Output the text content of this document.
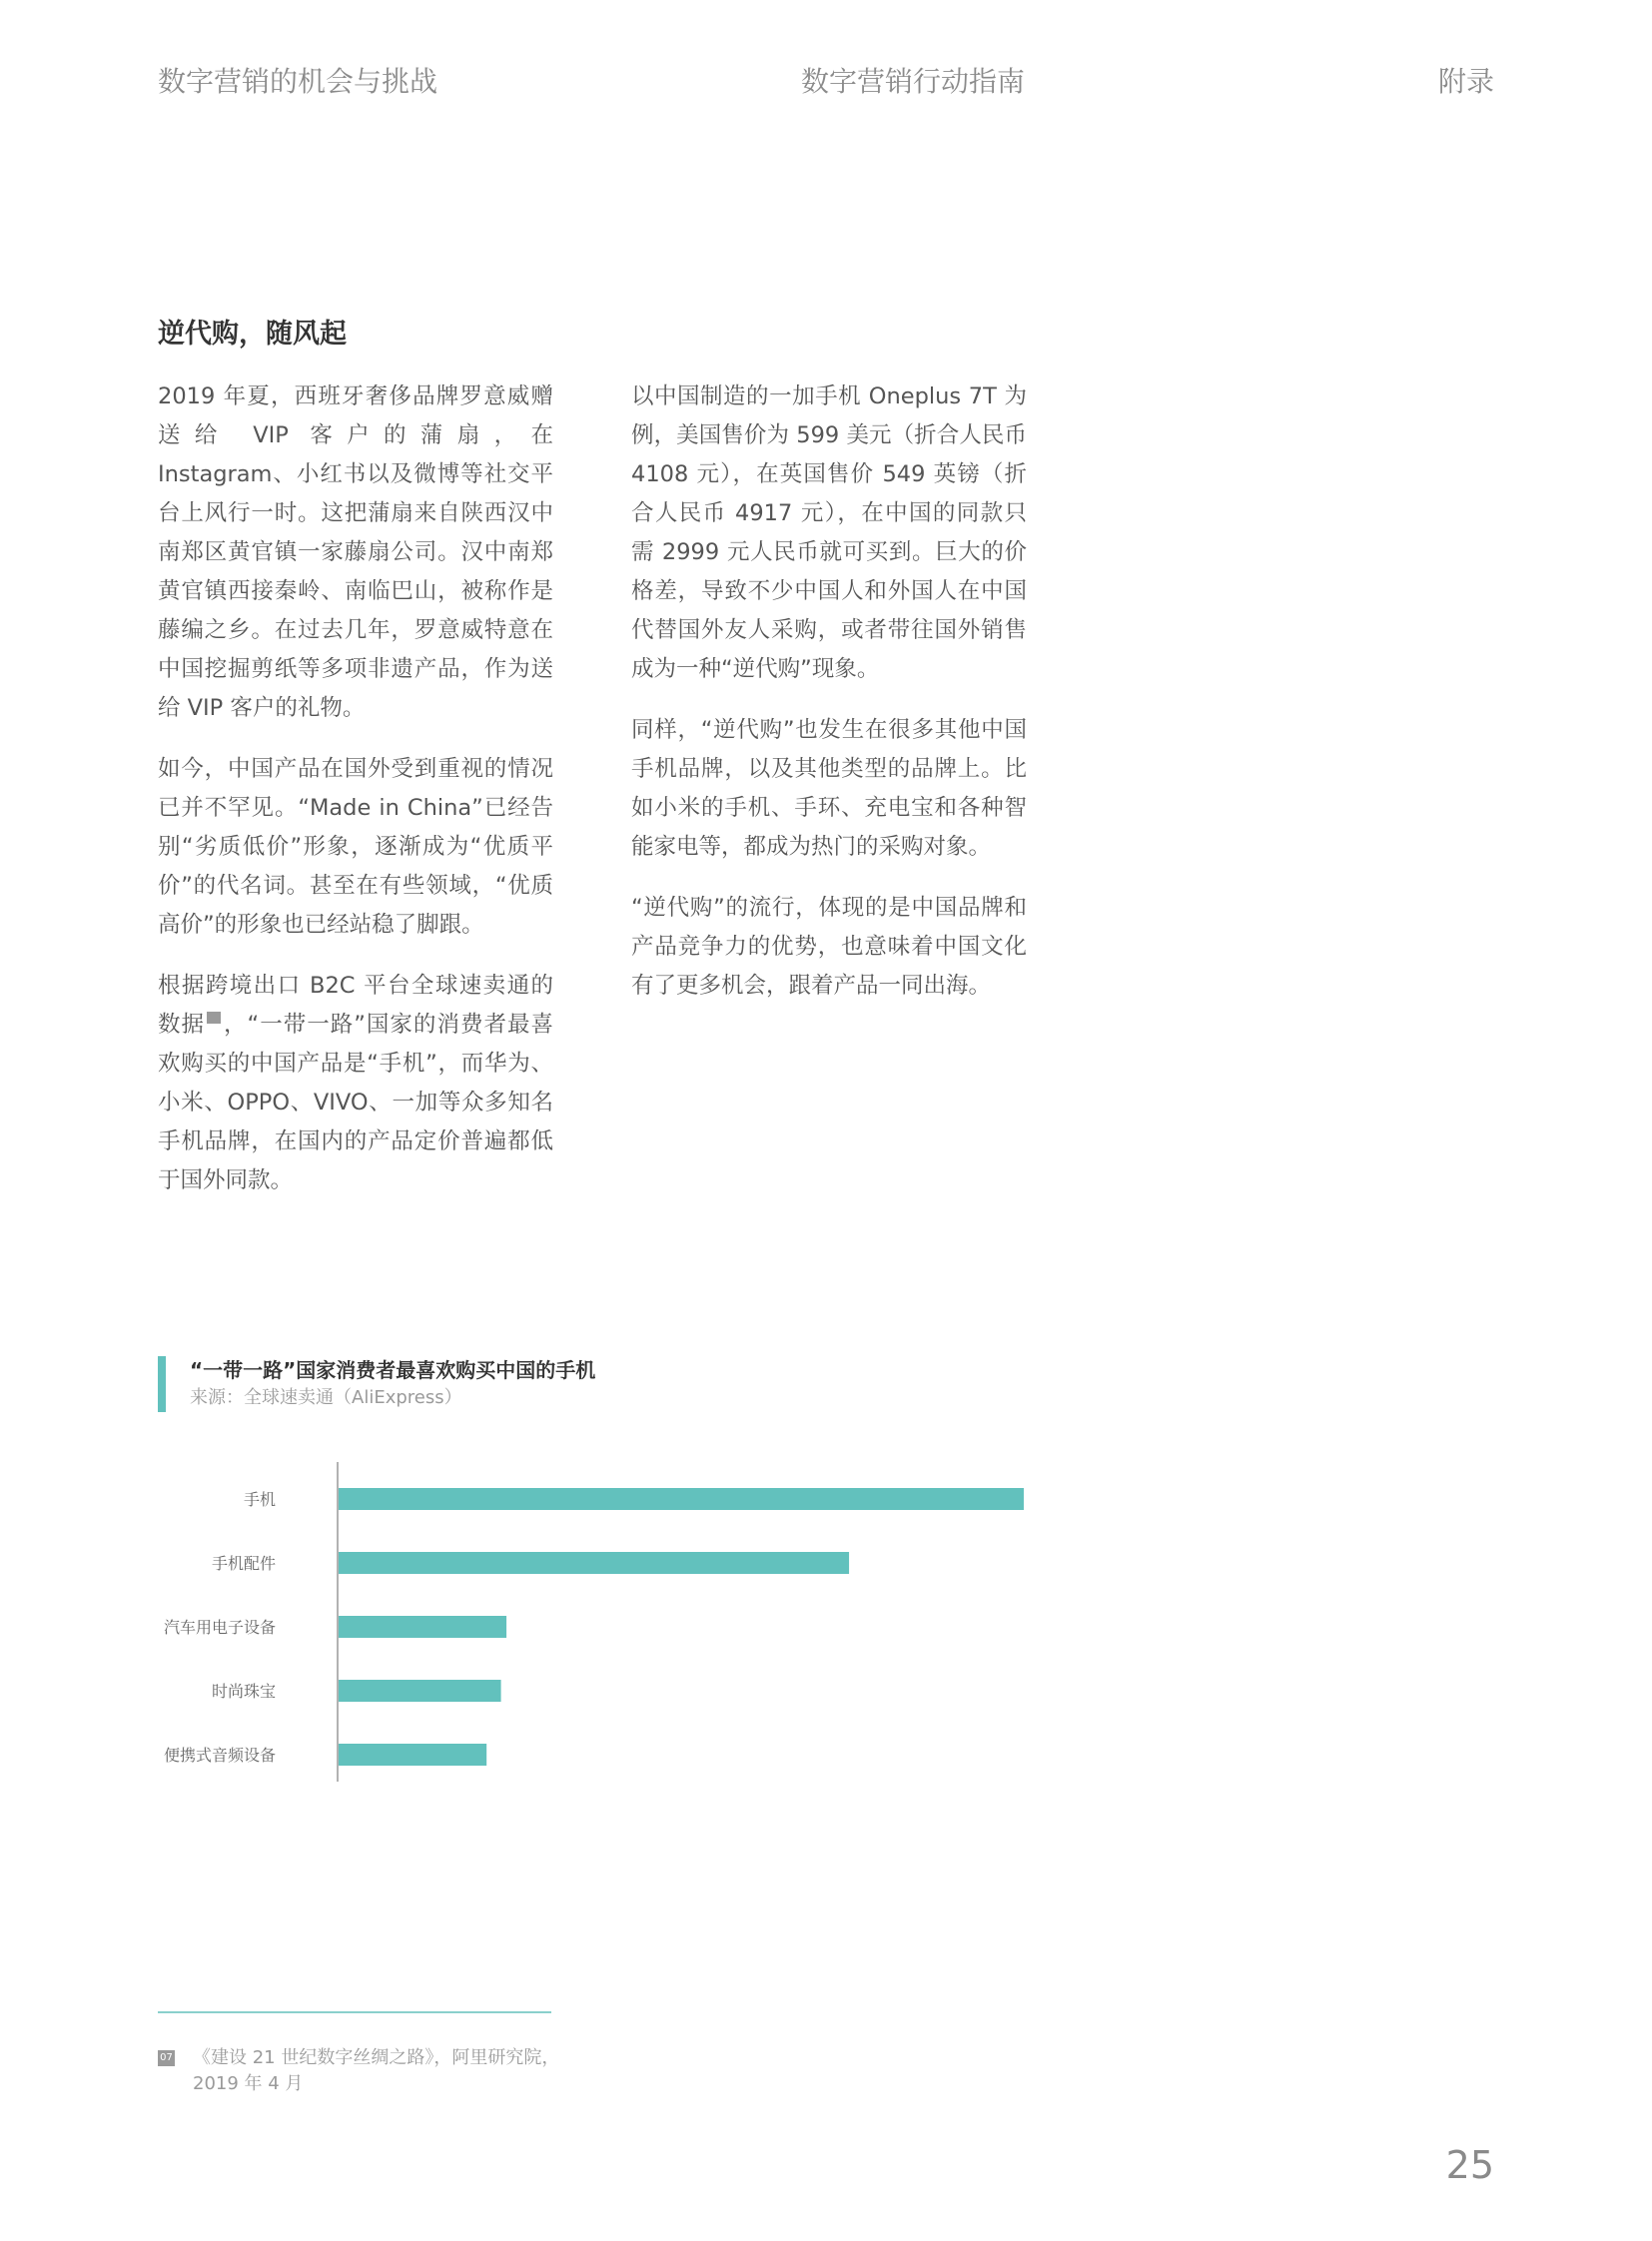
数字营销的机会与挑战	数字营销行动指南	附录
逆代购，随风起

2019 年夏，西班牙奢侈品牌罗意威赠送给 VIP 客户的蒲扇，在 Instagram、小红书以及微博等社交平台上风行一时。这把蒲扇来自陕西汉中南郑区黄官镇一家藤扇公司。汉中南郑黄官镇西接秦岭、南临巴山，被称作是藤编之乡。在过去几年，罗意威特意在中国挖掘剪纸等多项非遗产品，作为送给 VIP 客户的礼物。

如今，中国产品在国外受到重视的情况已并不罕见。“Made in China”已经告别“劣质低价”形象，逐渐成为“优质平价”的代名词。甚至在有些领域，“优质高价”的形象也已经站稳了脚跟。

根据跨境出口 B2C 平台全球速卖通的数据 ，“一带一路”国家的消费者最喜欢购买的中国产品是“手机”，而华为、小米、OPPO、VIVO、一加等众多知名手机品牌，在国内的产品定价普遍都低于国外同款。

以中国制造的一加手机 Oneplus 7T 为例，美国售价为 599 美元（折合人民币 4108 元），在英国售价 549 英镑（折合人民币 4917 元），在中国的同款只需 2999 元人民币就可买到。巨大的价格差，导致不少中国人和外国人在中国代替国外友人采购，或者带往国外销售成为一种“逆代购”现象。

同样，“逆代购”也发生在很多其他中国手机品牌，以及其他类型的品牌上。比如小米的手机、手环、充电宝和各种智能家电等，都成为热门的采购对象。

“逆代购”的流行，体现的是中国品牌和产品竞争力的优势，也意味着中国文化有了更多机会，跟着产品一同出海。

“一带一路”国家消费者最喜欢购买中国的手机
来源：全球速卖通（AliExpress）
手机
手机配件
汽车用电子设备
时尚珠宝
便携式音频设备
07 《建设 21 世纪数字丝绸之路》，阿里研究院，2019 年 4 月
25
